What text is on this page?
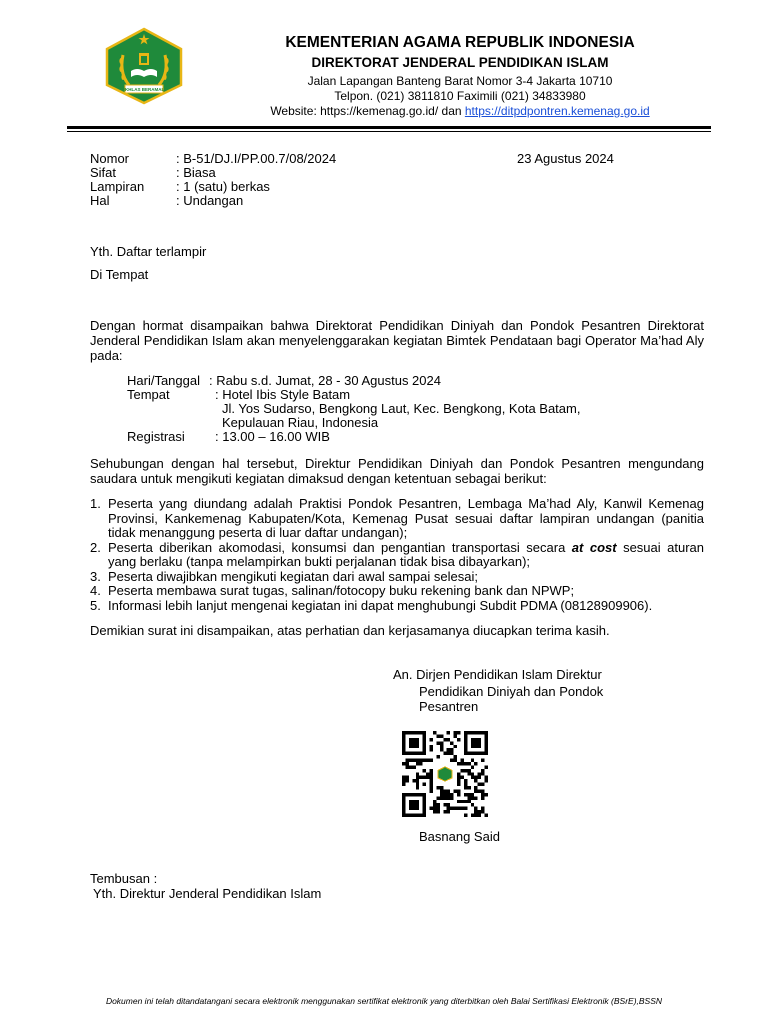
IKHLAS BERAMAL
KEMENTERIAN AGAMA REPUBLIK INDONESIA
DIREKTORAT JENDERAL PENDIDIKAN ISLAM
Jalan Lapangan Banteng Barat Nomor 3-4 Jakarta 10710
Telpon. (021) 3811810 Faximili (021) 34833980
Website: https://kemenag.go.id/ dan https://ditpdpontren.kemenag.go.id
Nomor	: B-51/DJ.I/PP.00.7/08/2024
Sifat	: Biasa
Lampiran	: 1 (satu) berkas
Hal	: Undangan
23 Agustus 2024
Yth. Daftar terlampir
Di Tempat
Dengan hormat disampaikan bahwa Direktorat Pendidikan Diniyah dan Pondok Pesantren Direktorat Jenderal Pendidikan Islam akan menyelenggarakan kegiatan Bimtek Pendataan bagi Operator Ma’had Aly pada:
Hari/Tanggal : Rabu s.d. Jumat, 28 - 30 Agustus 2024
Tempat	: Hotel Ibis Style Batam
Jl. Yos Sudarso, Bengkong Laut, Kec. Bengkong, Kota Batam,
Kepulauan Riau, Indonesia
Registrasi : 13.00 – 16.00 WIB
Sehubungan dengan hal tersebut, Direktur Pendidikan Diniyah dan Pondok Pesantren mengundang saudara untuk mengikuti kegiatan dimaksud dengan ketentuan sebagai berikut:
1. Peserta yang diundang adalah Praktisi Pondok Pesantren, Lembaga Ma’had Aly, Kanwil Kemenag Provinsi, Kankemenag Kabupaten/Kota, Kemenag Pusat sesuai daftar lampiran undangan (panitia tidak menanggung peserta di luar daftar undangan);
2. Peserta diberikan akomodasi, konsumsi dan pengantian transportasi secara at cost sesuai aturan yang berlaku (tanpa melampirkan bukti perjalanan tidak bisa dibayarkan);
3. Peserta diwajibkan mengikuti kegiatan dari awal sampai selesai;
4. Peserta membawa surat tugas, salinan/fotocopy buku rekening bank dan NPWP;
5. Informasi lebih lanjut mengenai kegiatan ini dapat menghubungi Subdit PDMA (08128909906).
Demikian surat ini disampaikan, atas perhatian dan kerjasamanya diucapkan terima kasih.
An. Dirjen Pendidikan Islam Direktur
Pendidikan Diniyah dan Pondok
Pesantren
Basnang Said
Tembusan :
Yth. Direktur Jenderal Pendidikan Islam
Dokumen ini telah ditandatangani secara elektronik menggunakan sertifikat elektronik yang diterbitkan oleh Balai Sertifikasi Elektronik (BSrE),BSSN
